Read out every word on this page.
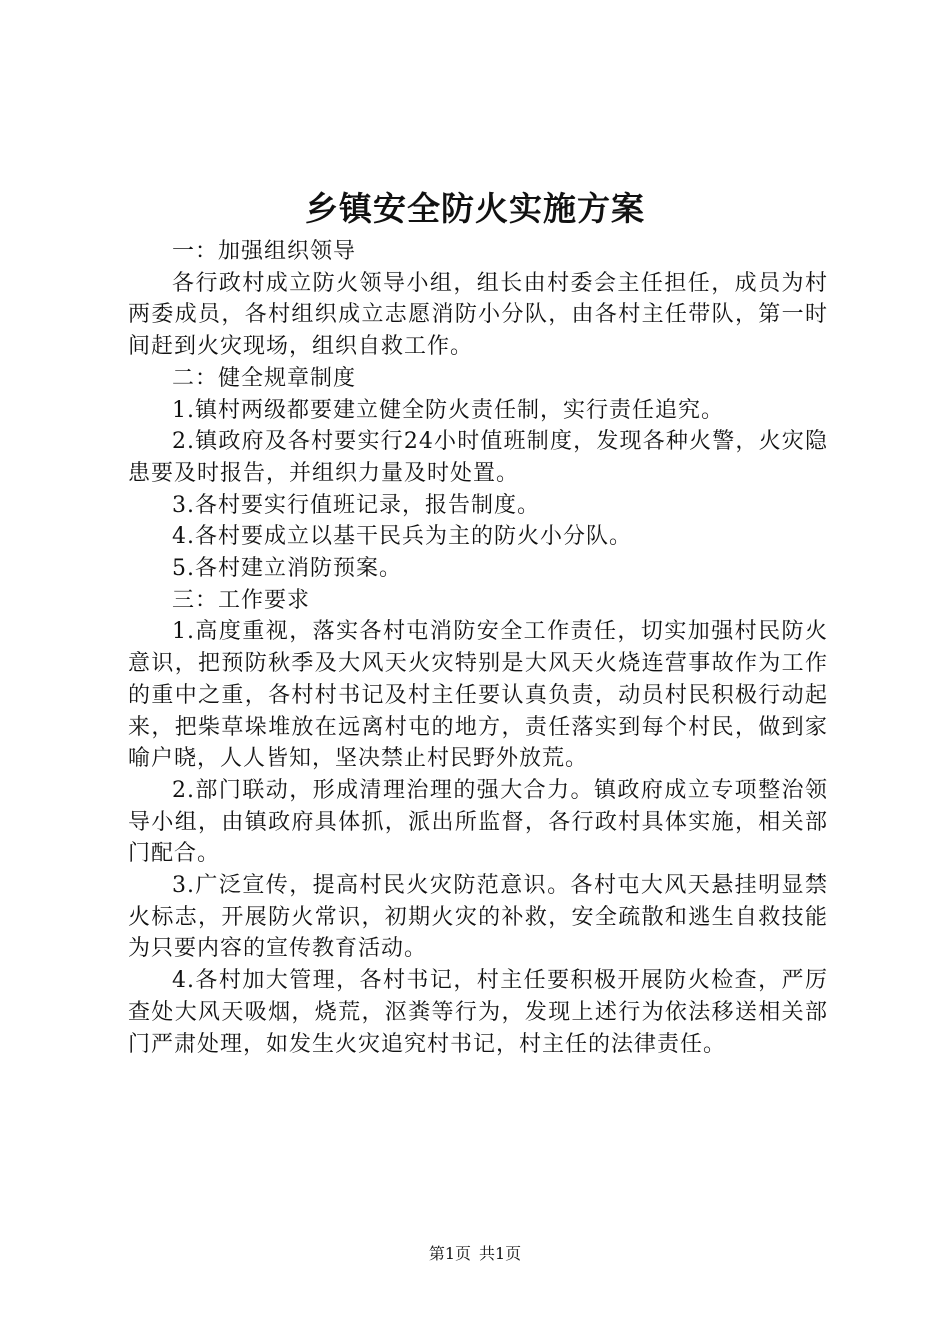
乡镇安全防火实施方案

一：加强组织领导

各行政村成立防火领导小组，组长由村委会主任担任，成员为村两委成员，各村组织成立志愿消防小分队，由各村主任带队，第一时间赶到火灾现场，组织自救工作。

二：健全规章制度

1.镇村两级都要建立健全防火责任制，实行责任追究。

2.镇政府及各村要实行24小时值班制度，发现各种火警，火灾隐患要及时报告，并组织力量及时处置。

3.各村要实行值班记录，报告制度。

4.各村要成立以基干民兵为主的防火小分队。

5.各村建立消防预案。

三：工作要求

1.高度重视，落实各村屯消防安全工作责任，切实加强村民防火意识，把预防秋季及大风天火灾特别是大风天火烧连营事故作为工作的重中之重，各村村书记及村主任要认真负责，动员村民积极行动起来，把柴草垛堆放在远离村屯的地方，责任落实到每个村民，做到家喻户晓，人人皆知，坚决禁止村民野外放荒。

2.部门联动，形成清理治理的强大合力。镇政府成立专项整治领导小组，由镇政府具体抓，派出所监督，各行政村具体实施，相关部门配合。

3.广泛宣传，提高村民火灾防范意识。各村屯大风天悬挂明显禁火标志，开展防火常识，初期火灾的补救，安全疏散和逃生自救技能为只要内容的宣传教育活动。

4.各村加大管理，各村书记，村主任要积极开展防火检查，严厉查处大风天吸烟，烧荒，沤粪等行为，发现上述行为依法移送相关部门严肃处理，如发生火灾追究村书记，村主任的法律责任。

第1页 共1页
